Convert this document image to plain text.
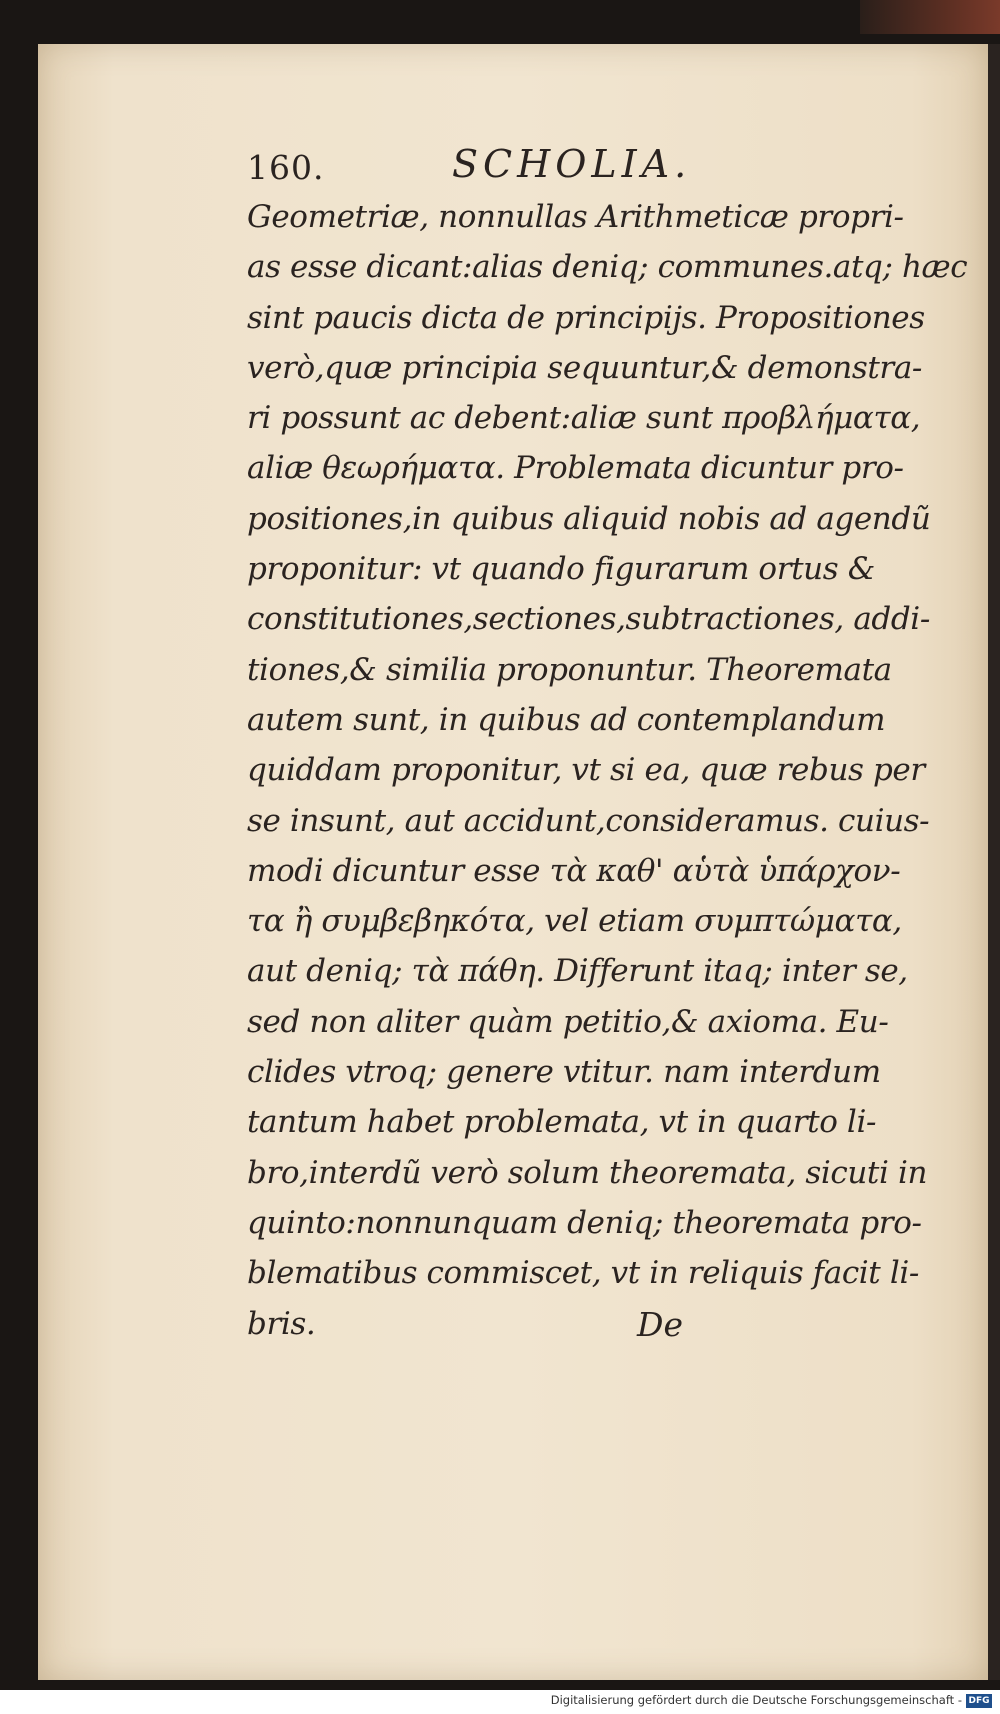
160.	SCHOLIA.
Geometriæ, nonnullas Arithmeticæ propri-
as esse dicant:alias deniq; communes.atq; hæc
sint paucis dicta de principijs. Propositiones
verò,quæ principia sequuntur,& demonstra-
ri possunt ac debent:aliæ sunt προβλήματα,
aliæ θεωρήματα. Problemata dicuntur pro-
positiones,in quibus aliquid nobis ad agendũ
proponitur: vt quando figurarum ortus &
constitutiones,sectiones,subtractiones, addi-
tiones,& similia proponuntur. Theoremata
autem sunt, in quibus ad contemplandum
quiddam proponitur, vt si ea, quæ rebus per
se insunt, aut accidunt,consideramus. cuius-
modi dicuntur esse τὰ καθ' αὑτὰ ὑπάρχον-
τα ἢ συμβεβηκότα, vel etiam συμπτώματα,
aut deniq; τὰ πάθη. Differunt itaq; inter se,
sed non aliter quàm petitio,& axioma. Eu-
clides vtroq; genere vtitur. nam interdum
tantum habet problemata, vt in quarto li-
bro,interdũ verò solum theoremata, sicuti in
quinto:nonnunquam deniq; theoremata pro-
blematibus commiscet, vt in reliquis facit li-
bris.	De
Digitalisierung gefördert durch die Deutsche Forschungsgemeinschaft - DFG
